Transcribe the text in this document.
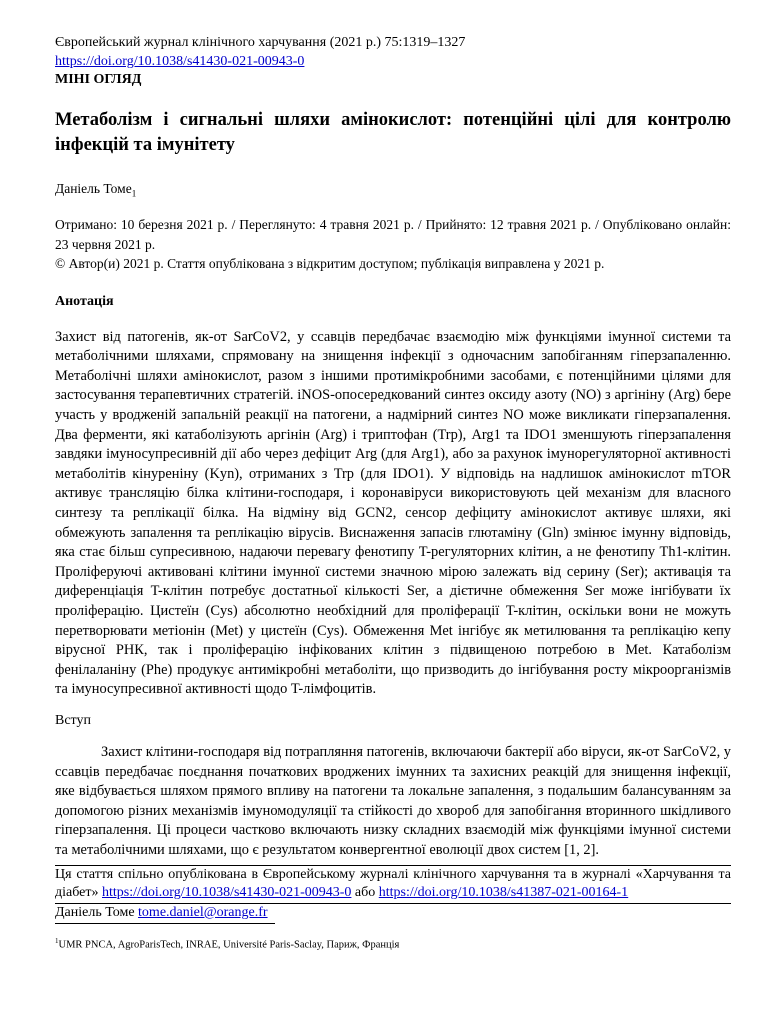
Європейський журнал клінічного харчування (2021 р.) 75:1319–1327
https://doi.org/10.1038/s41430-021-00943-0
МІНІ ОГЛЯД
Метаболізм і сигнальні шляхи амінокислот: потенційні цілі для контролю інфекцій та імунітету
Даніель Томе$_1$
Отримано: 10 березня 2021 р. / Переглянуто: 4 травня 2021 р. / Прийнято: 12 травня 2021 р. / Опубліковано онлайн: 23 червня 2021 р.
© Автор(и) 2021 р. Стаття опублікована з відкритим доступом; публікація виправлена у 2021 р.
Анотація
Захист від патогенів, як-от SarCoV2, у ссавців передбачає взаємодію між функціями імунної системи та метаболічними шляхами, спрямовану на знищення інфекції з одночасним запобіганням гіперзапаленню. Метаболічні шляхи амінокислот, разом з іншими протимікробними засобами, є потенційними цілями для застосування терапевтичних стратегій. iNOS-опосередкований синтез оксиду азоту (NO) з аргініну (Arg) бере участь у вродженій запальній реакції на патогени, а надмірний синтез NO може викликати гіперзапалення. Два ферменти, які катаболізують аргінін (Arg) і триптофан (Trp), Arg1 та IDO1 зменшують гіперзапалення завдяки імуносупресивній дії або через дефіцит Arg (для Arg1), або за рахунок імунорегуляторної активності метаболітів кінуреніну (Kyn), отриманих з Trp (для IDO1). У відповідь на надлишок амінокислот mTOR активує трансляцію білка клітини-господаря, і коронавіруси використовують цей механізм для власного синтезу та реплікації білка. На відміну від GCN2, сенсор дефіциту амінокислот активує шляхи, які обмежують запалення та реплікацію вірусів. Виснаження запасів глютаміну (Gln) змінює імунну відповідь, яка стає більш супресивною, надаючи перевагу фенотипу T-регуляторних клітин, а не фенотипу Th1-клітин. Проліферуючі активовані клітини імунної системи значною мірою залежать від серину (Ser); активація та диференціація T-клітин потребує достатньої кількості Ser, а дієтичне обмеження Ser може інгібувати їх проліферацію. Цистеїн (Cys) абсолютно необхідний для проліферації T-клітин, оскільки вони не можуть перетворювати метіонін (Met) у цистеїн (Cys). Обмеження Met інгібує як метилювання та реплікацію кепу вірусної РНК, так і проліферацію інфікованих клітин з підвищеною потребою в Met. Катаболізм фенілаланіну (Phe) продукує антимікробні метаболіти, що призводить до інгібування росту мікроорганізмів та імуносупресивної активності щодо T-лімфоцитів.
Вступ
Захист клітини-господаря від потрапляння патогенів, включаючи бактерії або віруси, як-от SarCoV2, у ссавців передбачає поєднання початкових вроджених імунних та захисних реакцій для знищення інфекції, яке відбувається шляхом прямого впливу на патогени та локальне запалення, з подальшим балансуванням за допомогою різних механізмів імуномодуляції та стійкості до хвороб для запобігання вторинного шкідливого гіперзапалення. Ці процеси частково включають низку складних взаємодій між функціями імунної системи та метаболічними шляхами, що є результатом конвергентної еволюції двох систем [1, 2].
Ця стаття спільно опублікована в Європейському журналі клінічного харчування та в журналі «Харчування та діабет» https://doi.org/10.1038/s41430-021-00943-0 або https://doi.org/10.1038/s41387-021-00164-1
Даніель Томе tome.daniel@orange.fr
$^1$UMR PNCA, AgroParisTech, INRAE, Université Paris-Saclay, Париж, Франція
